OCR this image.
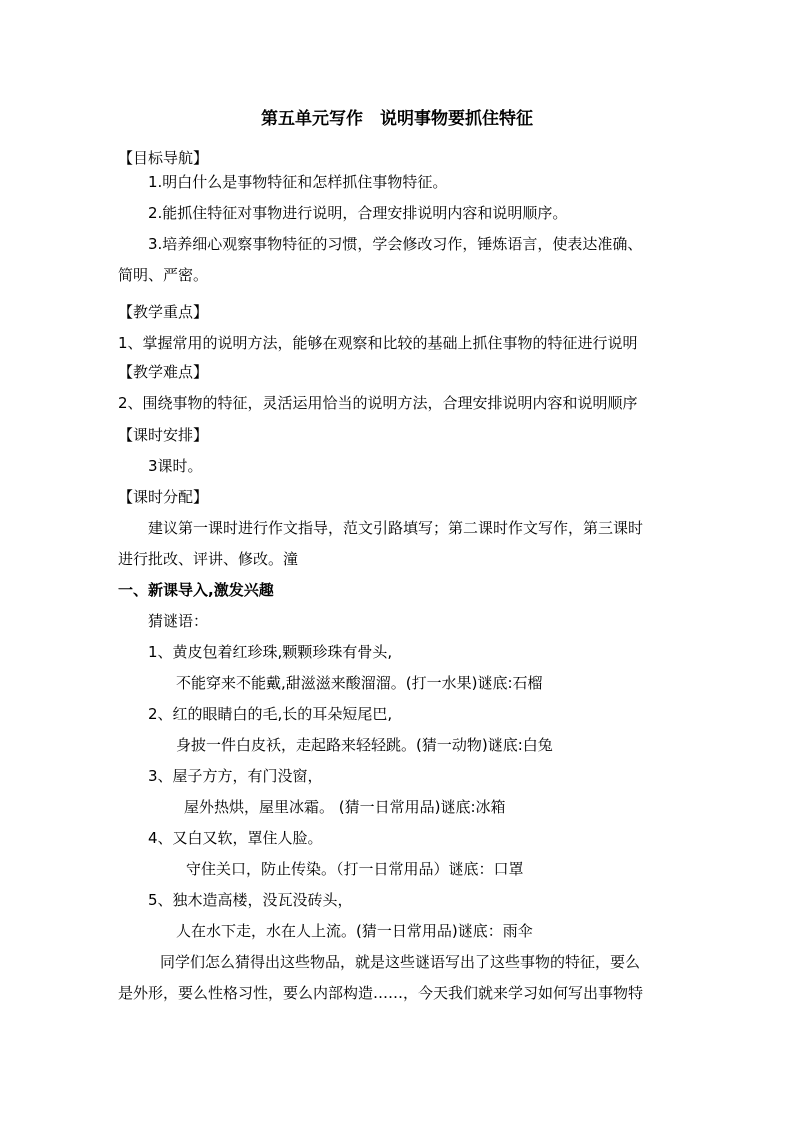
第五单元写作　说明事物要抓住特征
【目标导航】
1.明白什么是事物特征和怎样抓住事物特征。
2.能抓住特征对事物进行说明，合理安排说明内容和说明顺序。
3.培养细心观察事物特征的习惯，学会修改习作，锤炼语言，使表达准确、
简明、严密。
【教学重点】
1、掌握常用的说明方法，能够在观察和比较的基础上抓住事物的特征进行说明
【教学难点】
2、围绕事物的特征，灵活运用恰当的说明方法，合理安排说明内容和说明顺序
【课时安排】
3课时。
【课时分配】
建议第一课时进行作文指导，范文引路填写；第二课时作文写作，第三课时
进行批改、评讲、修改。潼
一、新课导入,激发兴趣
猜谜语：
1、黄皮包着红珍珠,颗颗珍珠有骨头,
不能穿来不能戴,甜滋滋来酸溜溜。(打一水果)谜底:石榴
2、红的眼睛白的毛,长的耳朵短尾巴,
身披一件白皮袄，走起路来轻轻跳。(猜一动物)谜底:白兔
3、屋子方方，有门没窗，
屋外热烘，屋里冰霜。 (猜一日常用品)谜底:冰箱
4、又白又软，罩住人脸。
守住关口，防止传染。（打一日常用品）谜底：口罩
5、独木造高楼，没瓦没砖头，
人在水下走，水在人上流。(猜一日常用品)谜底：雨伞
同学们怎么猜得出这些物品，就是这些谜语写出了这些事物的特征，要么
是外形，要么性格习性，要么内部构造……，今天我们就来学习如何写出事物特
